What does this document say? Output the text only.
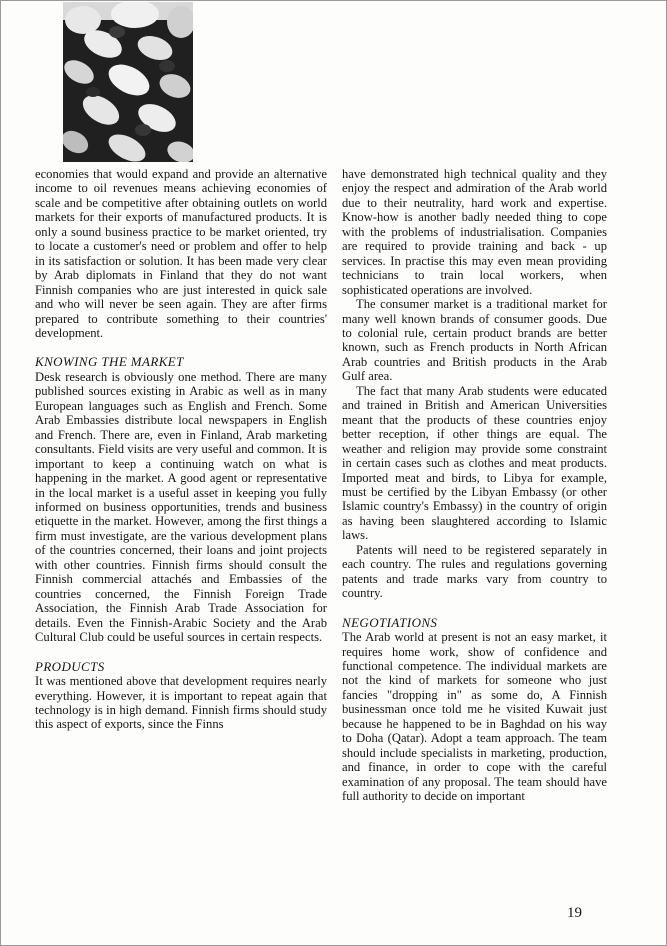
economies that would expand and provide an alternative income to oil revenues means achieving economies of scale and be competitive after obtaining outlets on world markets for their exports of manufactured products. It is only a sound business practice to be market oriented, try to locate a customer's need or problem and offer to help in its satisfaction or solution. It has been made very clear by Arab diplomats in Finland that they do not want Finnish companies who are just interested in quick sale and who will never be seen again. They are after firms prepared to contribute something to their countries' development.

KNOWING THE MARKET

Desk research is obviously one method. There are many published sources existing in Arabic as well as in many European languages such as English and French. Some Arab Embassies distribute local newspapers in English and French. There are, even in Finland, Arab marketing consultants. Field visits are very useful and common. It is important to keep a continuing watch on what is happening in the market. A good agent or representative in the local market is a useful asset in keeping you fully informed on business opportunities, trends and business etiquette in the market. However, among the first things a firm must investigate, are the various development plans of the countries concerned, their loans and joint projects with other countries. Finnish firms should consult the Finnish commercial attachés and Embassies of the countries concerned, the Finnish Foreign Trade Association, the Finnish Arab Trade Association for details. Even the Finnish-Arabic Society and the Arab Cultural Club could be useful sources in certain respects.

PRODUCTS

It was mentioned above that development requires nearly everything. However, it is important to repeat again that technology is in high demand. Finnish firms should study this aspect of exports, since the Finns

have demonstrated high technical quality and they enjoy the respect and admiration of the Arab world due to their neutrality, hard work and expertise. Know-how is another badly needed thing to cope with the problems of industrialisation. Companies are required to provide training and back - up services. In practise this may even mean providing technicians to train local workers, when sophisticated operations are involved.

The consumer market is a traditional market for many well known brands of consumer goods. Due to colonial rule, certain product brands are better known, such as French products in North African Arab countries and British products in the Arab Gulf area.

The fact that many Arab students were educated and trained in British and American Universities meant that the products of these countries enjoy better reception, if other things are equal. The weather and religion may provide some constraint in certain cases such as clothes and meat products. Imported meat and birds, to Libya for example, must be certified by the Libyan Embassy (or other Islamic country's Embassy) in the country of origin as having been slaughtered according to Islamic laws.

Patents will need to be registered separately in each country. The rules and regulations governing patents and trade marks vary from country to country.

NEGOTIATIONS

The Arab world at present is not an easy market, it requires home work, show of confidence and functional competence. The individual markets are not the kind of markets for someone who just fancies "dropping in" as some do, A Finnish businessman once told me he visited Kuwait just because he happened to be in Baghdad on his way to Doha (Qatar). Adopt a team approach. The team should include specialists in marketing, production, and finance, in order to cope with the careful examination of any proposal. The team should have full authority to decide on important

19
